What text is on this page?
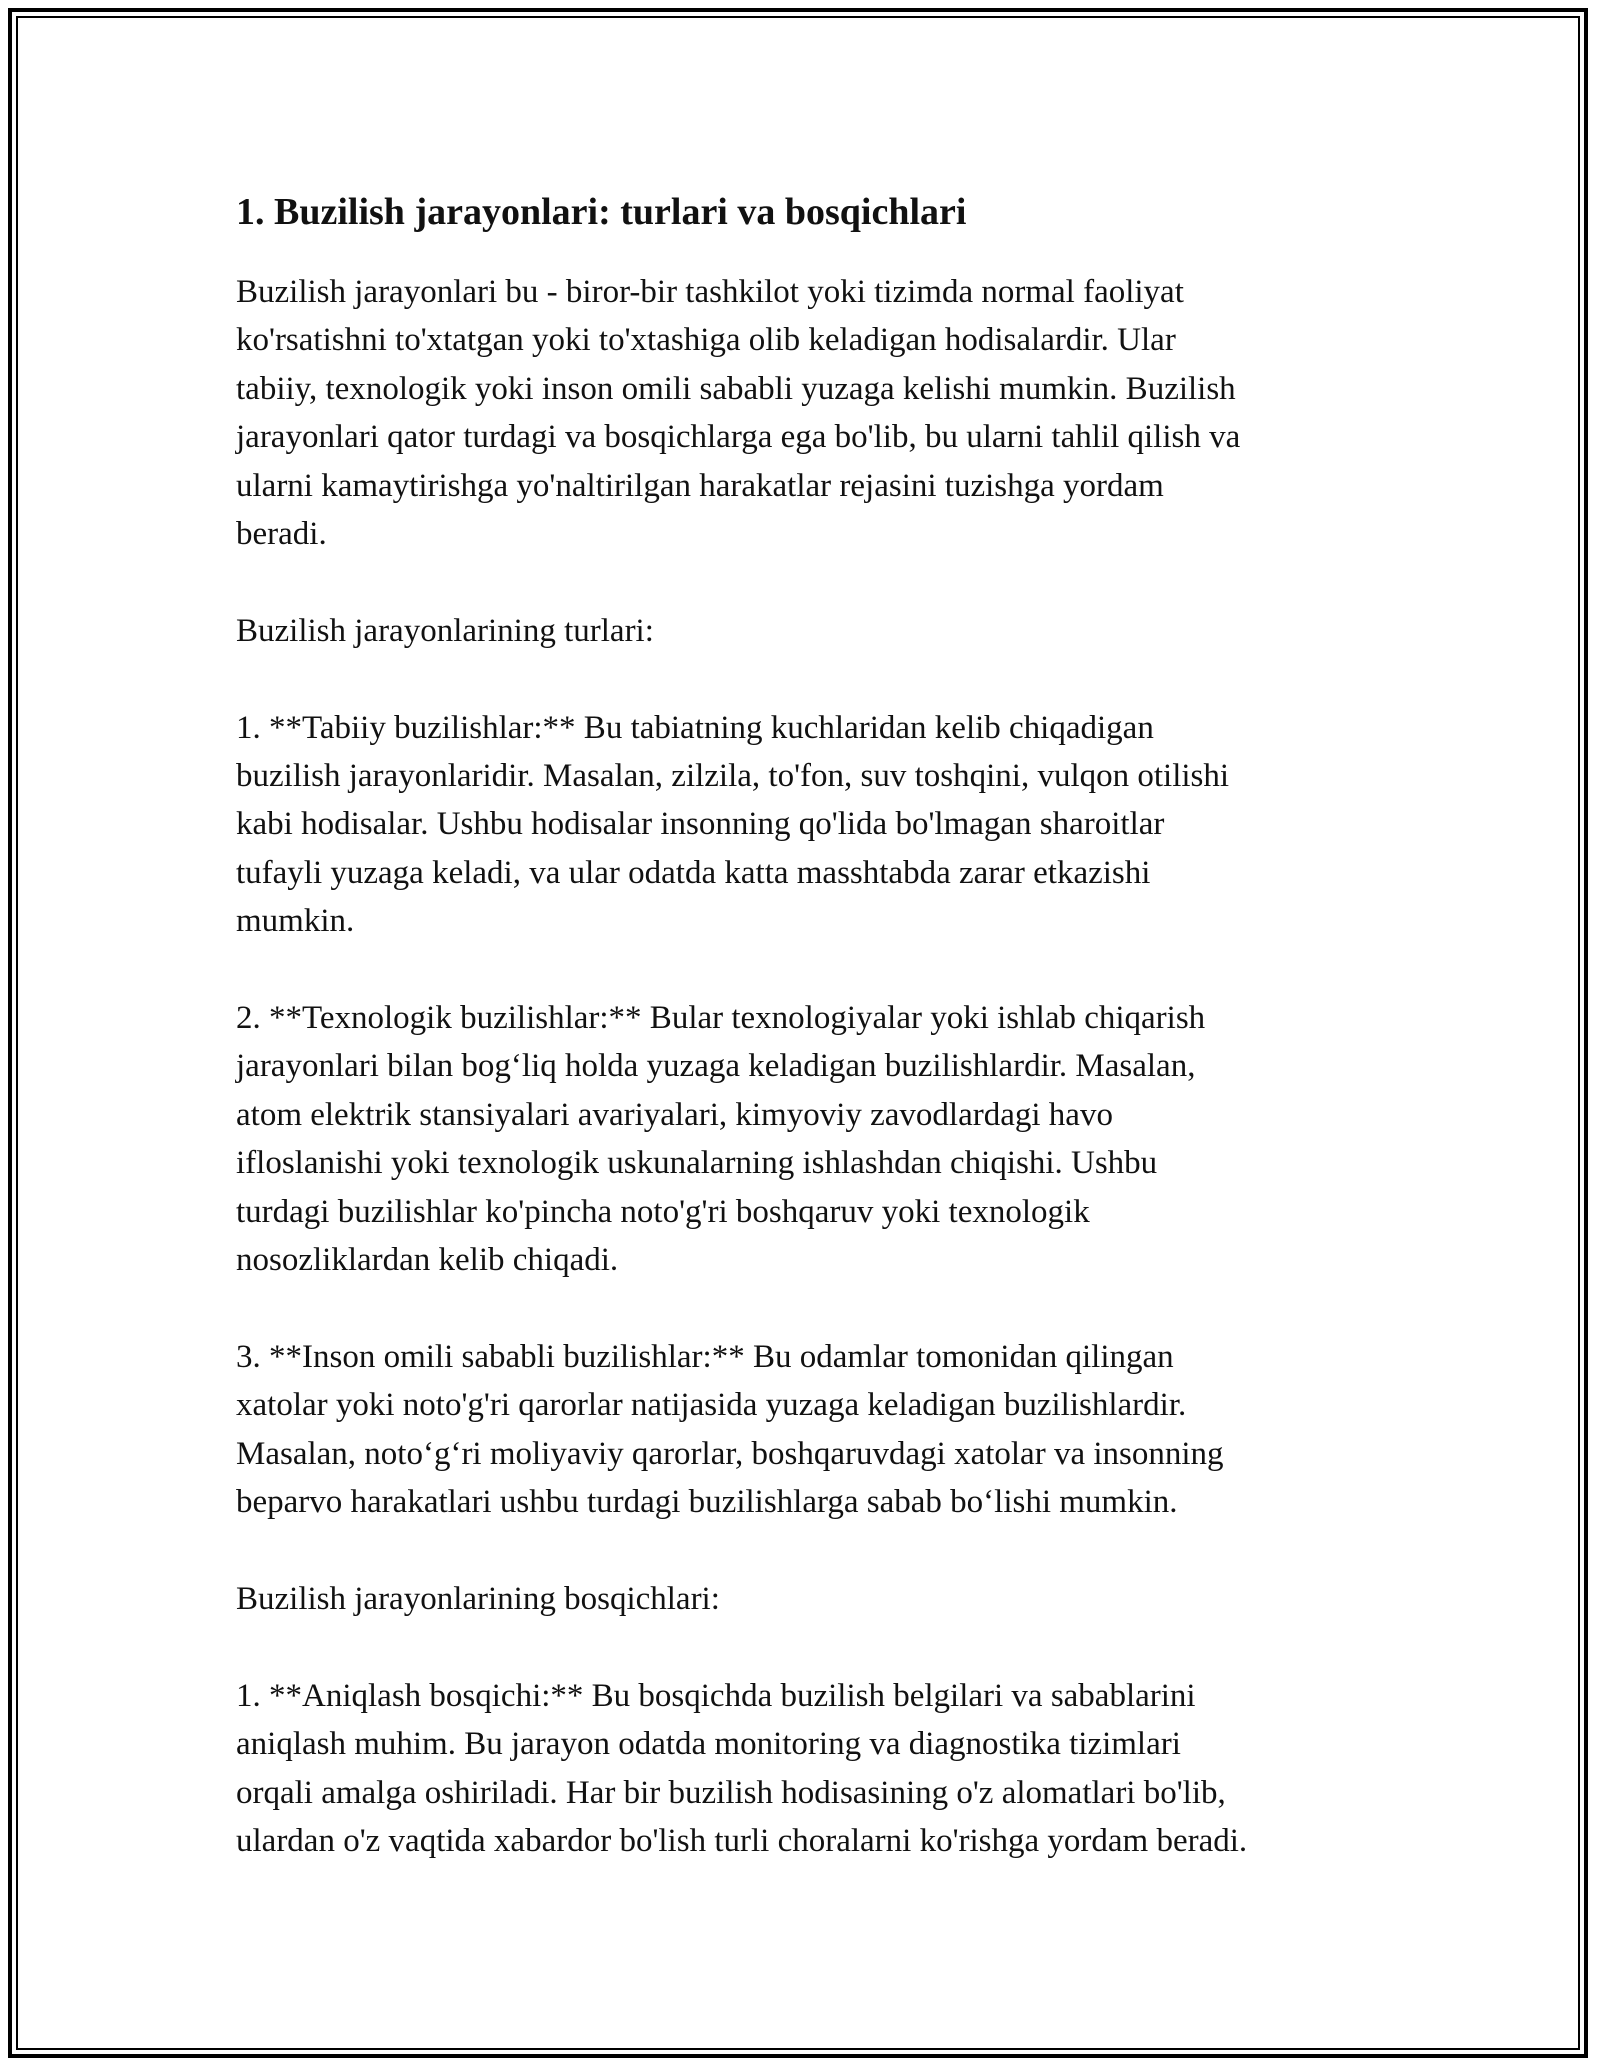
1. Buzilish jarayonlari: turlari va bosqichlari

Buzilish jarayonlari bu - biror-bir tashkilot yoki tizimda normal faoliyat
ko'rsatishni to'xtatgan yoki to'xtashiga olib keladigan hodisalardir. Ular
tabiiy, texnologik yoki inson omili sababli yuzaga kelishi mumkin. Buzilish
jarayonlari qator turdagi va bosqichlarga ega bo'lib, bu ularni tahlil qilish va
ularni kamaytirishga yo'naltirilgan harakatlar rejasini tuzishga yordam
beradi.

Buzilish jarayonlarining turlari:

1. **Tabiiy buzilishlar:** Bu tabiatning kuchlaridan kelib chiqadigan
buzilish jarayonlaridir. Masalan, zilzila, to'fon, suv toshqini, vulqon otilishi
kabi hodisalar. Ushbu hodisalar insonning qo'lida bo'lmagan sharoitlar
tufayli yuzaga keladi, va ular odatda katta masshtabda zarar etkazishi
mumkin.

2. **Texnologik buzilishlar:** Bular texnologiyalar yoki ishlab chiqarish
jarayonlari bilan bog‘liq holda yuzaga keladigan buzilishlardir. Masalan,
atom elektrik stansiyalari avariyalari, kimyoviy zavodlardagi havo
ifloslanishi yoki texnologik uskunalarning ishlashdan chiqishi. Ushbu
turdagi buzilishlar ko'pincha noto'g'ri boshqaruv yoki texnologik
nosozliklardan kelib chiqadi.

3. **Inson omili sababli buzilishlar:** Bu odamlar tomonidan qilingan
xatolar yoki noto'g'ri qarorlar natijasida yuzaga keladigan buzilishlardir.
Masalan, noto‘g‘ri moliyaviy qarorlar, boshqaruvdagi xatolar va insonning
beparvo harakatlari ushbu turdagi buzilishlarga sabab bo‘lishi mumkin.

Buzilish jarayonlarining bosqichlari:

1. **Aniqlash bosqichi:** Bu bosqichda buzilish belgilari va sabablarini
aniqlash muhim. Bu jarayon odatda monitoring va diagnostika tizimlari
orqali amalga oshiriladi. Har bir buzilish hodisasining o'z alomatlari bo'lib,
ulardan o'z vaqtida xabardor bo'lish turli choralarni ko'rishga yordam beradi.
